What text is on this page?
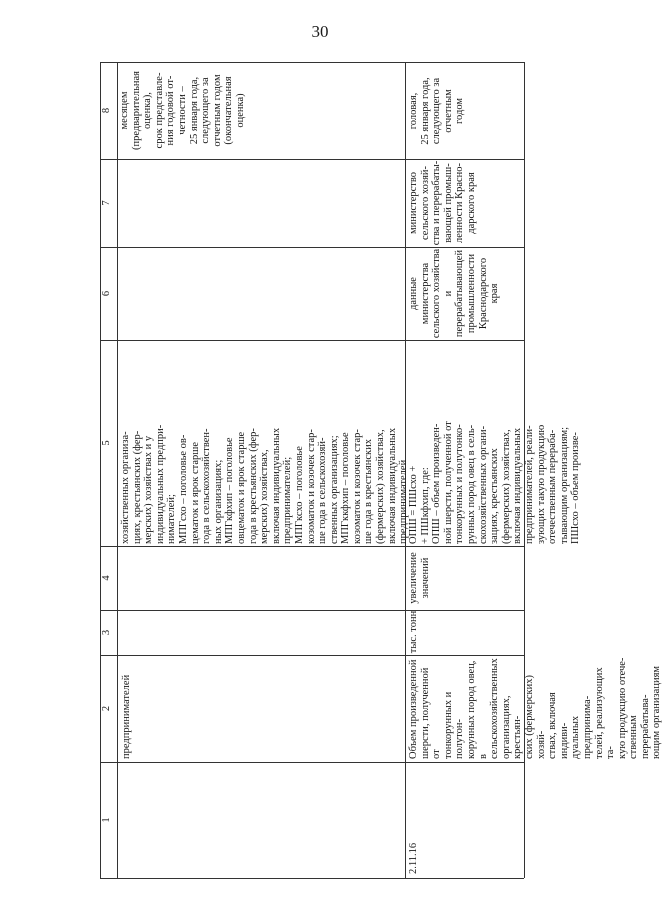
30
8
7
6
5
4
3
2
1
предпринимателей
хозяйственных организа-
циях, крестьянских (фер-
мерских) хозяйствах и у
индивидуальных предпри-
нимателей;
МПГсхо – поголовье ов-
цематок и ярок старше
года в сельскохозяйствен-
ных организациях;
МПГкфхип – поголовье
овцематок и ярок старше
года в крестьянских (фер-
мерских) хозяйствах,
включая индивидуальных
предпринимателей;
МПГксхо – поголовье
козоматок и козочек стар-
ше года в сельскохозяй-
ственных организациях;
МПГккфхип – поголовье
козоматок и козочек стар-
ше года в крестьянских
(фермерских) хозяйствах,
включая индивидуальных
предпринимателей
месяцем
(предварительная
оценка),
срок представле-
ния годовой от-
четности –
25 января года,
следующего за
отчетным годом
(окончательная
оценка)
2.11.16
Объем произведенной
шерсти, полученной от
тонкорунных и полутон-
корунных пород овец, в
сельскохозяйственных
организациях, крестьян-
ских (фермерских) хозяй-
ствах, включая индиви-
дуальных предпринима-
телей, реализующих та-
кую продукцию отече-
ственным перерабатыва-
ющим организациям
тыс. тонн
увеличение
значений
ОПШ = ПШсхо +
+ ПШкфхип, где:
ОПШ – объем произведен-
ной шерсти, полученной от
тонкорунных и полутонко-
рунных пород овец в сель-
скохозяйственных органи-
зациях, крестьянских
(фермерских) хозяйствах,
включая индивидуальных
предпринимателей, реали-
зующих такую продукцию
отечественным перераба-
тывающим организациям;
ПШсхо – объем произве-
данные министерства
сельского хозяйства и
перерабатывающей
промышленности
Краснодарского
края
министерство
сельского хозяй-
ства и перерабаты-
вающей промыш-
ленности Красно-
дарского края
головая,
25 января года,
следующего за
отчетным
годом
